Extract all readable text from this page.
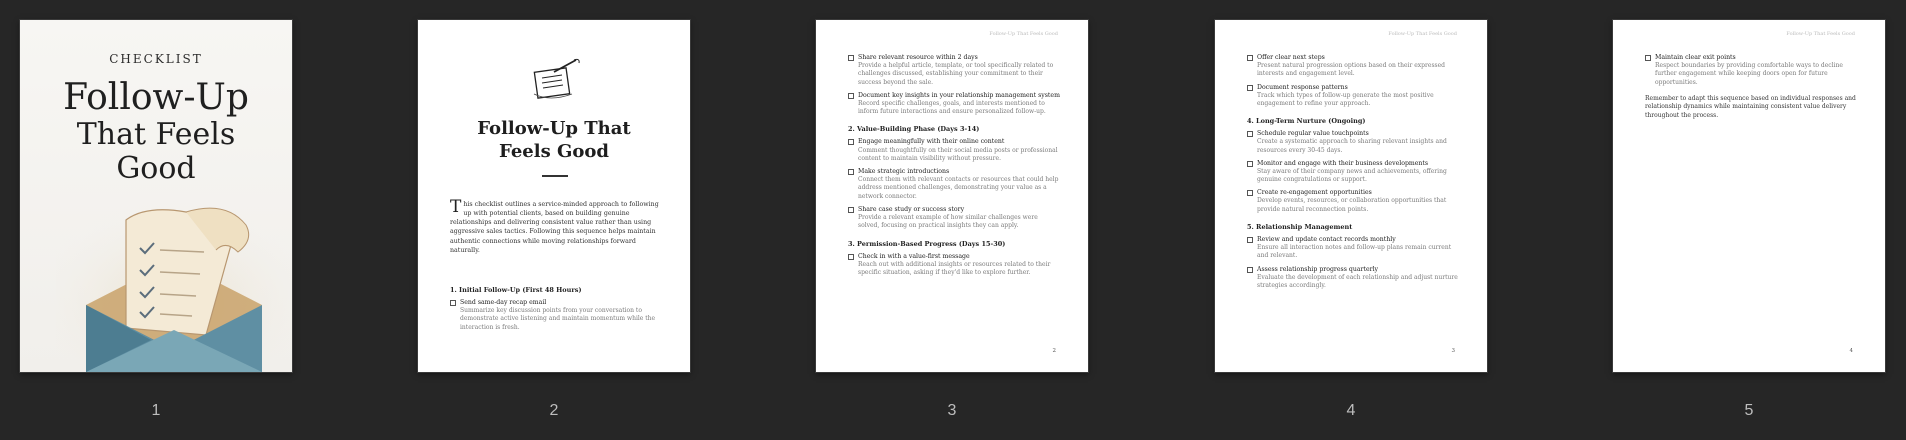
CHECKLIST
Follow-Up
That Feels
Good
Follow-Up That
Feels Good
This checklist outlines a service-minded approach to following up with potential clients, based on building genuine relationships and delivering consistent value rather than using aggressive sales tactics. Following this sequence helps maintain authentic connections while moving relationships forward naturally.
1. Initial Follow-Up (First 48 Hours)
Send same-day recap email
Summarize key discussion points from your conversation to demonstrate active listening and maintain momentum while the interaction is fresh.
Follow-Up That Feels Good
Share relevant resource within 2 days
Provide a helpful article, template, or tool specifically related to challenges discussed, establishing your commitment to their success beyond the sale.
Document key insights in your relationship management system
Record specific challenges, goals, and interests mentioned to inform future interactions and ensure personalized follow-up.
2. Value-Building Phase (Days 3-14)
Engage meaningfully with their online content
Comment thoughtfully on their social media posts or professional content to maintain visibility without pressure.
Make strategic introductions
Connect them with relevant contacts or resources that could help address mentioned challenges, demonstrating your value as a network connector.
Share case study or success story
Provide a relevant example of how similar challenges were solved, focusing on practical insights they can apply.
3. Permission-Based Progress (Days 15-30)
Check in with a value-first message
Reach out with additional insights or resources related to their specific situation, asking if they'd like to explore further.
2
Follow-Up That Feels Good
Offer clear next steps
Present natural progression options based on their expressed interests and engagement level.
Document response patterns
Track which types of follow-up generate the most positive engagement to refine your approach.
4. Long-Term Nurture (Ongoing)
Schedule regular value touchpoints
Create a systematic approach to sharing relevant insights and resources every 30-45 days.
Monitor and engage with their business developments
Stay aware of their company news and achievements, offering genuine congratulations or support.
Create re-engagement opportunities
Develop events, resources, or collaboration opportunities that provide natural reconnection points.
5. Relationship Management
Review and update contact records monthly
Ensure all interaction notes and follow-up plans remain current and relevant.
Assess relationship progress quarterly
Evaluate the development of each relationship and adjust nurture strategies accordingly.
3
Follow-Up That Feels Good
Maintain clear exit points
Respect boundaries by providing comfortable ways to decline further engagement while keeping doors open for future opportunities.
Remember to adapt this sequence based on individual responses and relationship dynamics while maintaining consistent value delivery throughout the process.
4
1	2	3	4	5
